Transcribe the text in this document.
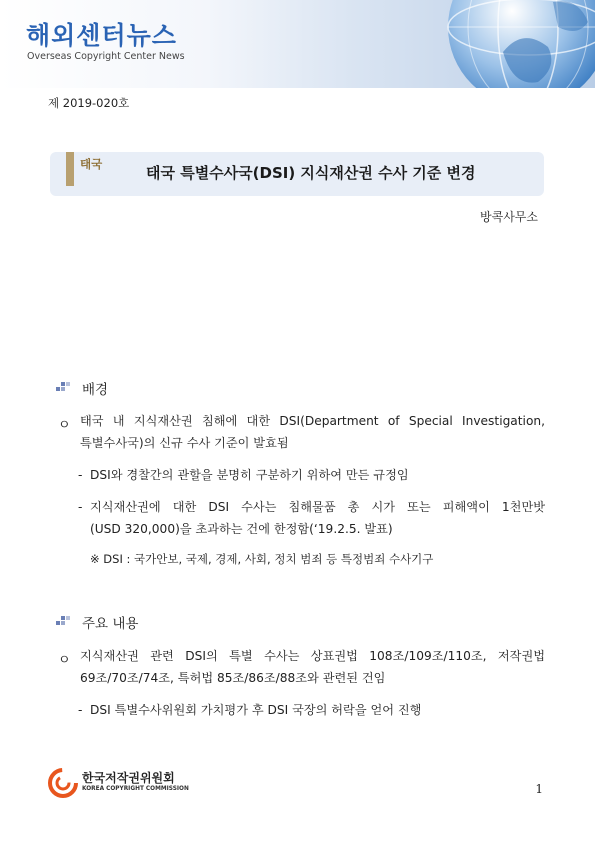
해외센터뉴스
Overseas Copyright Center News
제 2019-020호
태국	태국 특별수사국(DSI) 지식재산권 수사 기준 변경
방콕사무소
배경
ㅇ 태국 내 지식재산권 침해에 대한 DSI(Department of Special Investigation,
특별수사국)의 신규 수사 기준이 발효됨
- DSI와 경찰간의 관할을 분명히 구분하기 위하여 만든 규정임
- 지식재산권에 대한 DSI 수사는 침해물품 총 시가 또는 피해액이 1천만밧
(USD 320,000)을 초과하는 건에 한정함(‘19.2.5. 발표)
※ DSI : 국가안보, 국제, 경제, 사회, 정치 범죄 등 특정범죄 수사기구
주요 내용
ㅇ 지식재산권 관련 DSI의 특별 수사는 상표권법 108조/109조/110조, 저작권법
69조/70조/74조, 특허법 85조/86조/88조와 관련된 건임
- DSI 특별수사위원회 가치평가 후 DSI 국장의 허락을 얻어 진행
한국저작권위원회
KOREA COPYRIGHT COMMISSION	1
